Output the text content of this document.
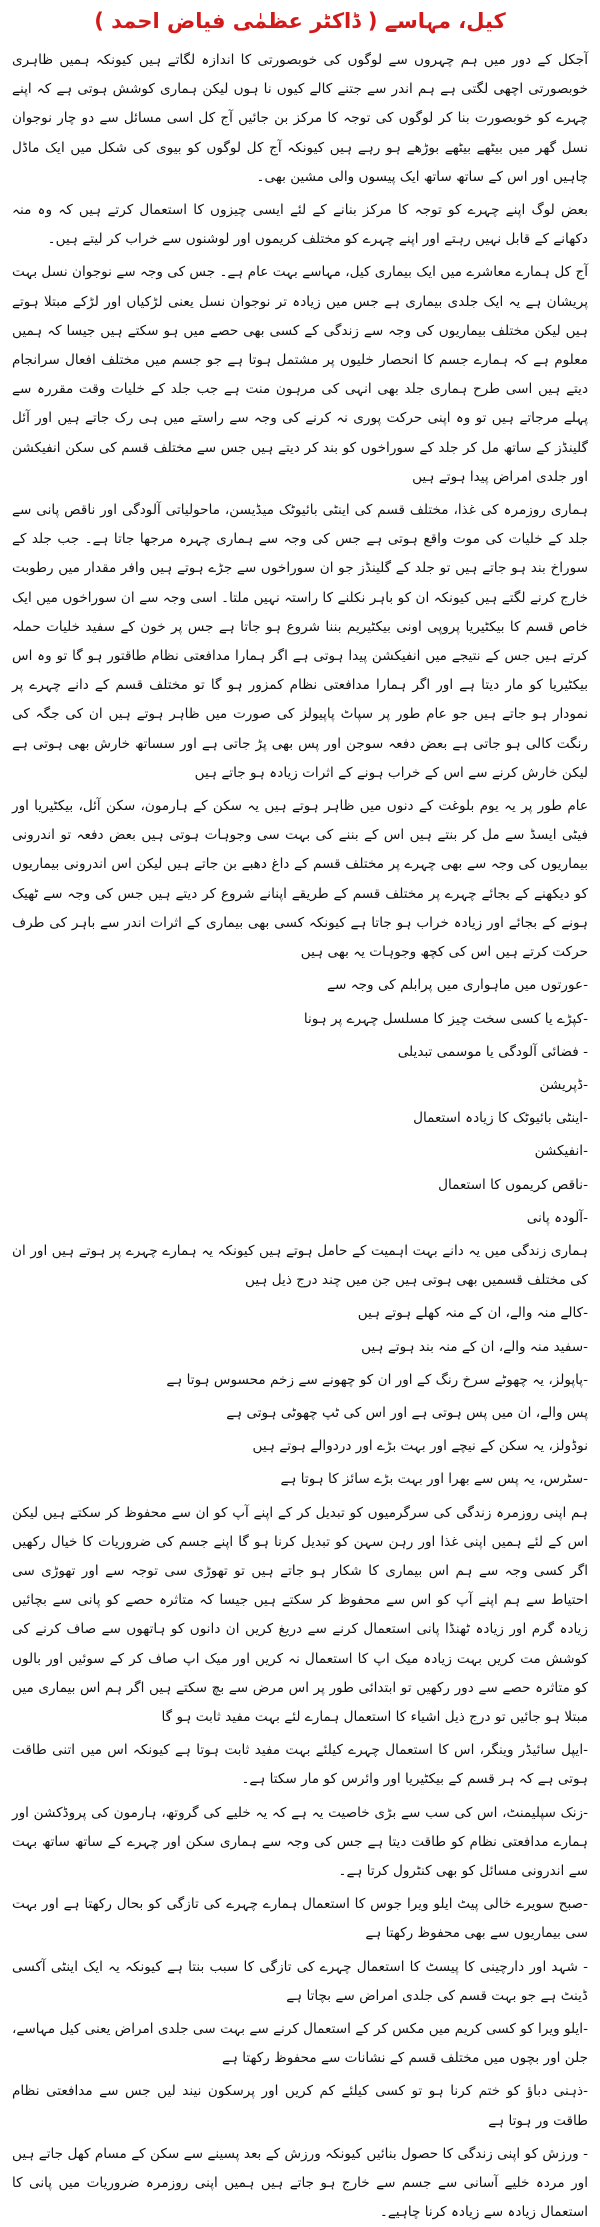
کیل، مہاسے ( ڈاکٹر عظمٰی فیاض احمد )

آجکل کے دور میں ہم چہروں سے لوگوں کی خوبصورتی کا اندازہ لگاتے ہیں کیونکہ ہمیں ظاہری خوبصورتی اچھی لگتی ہے ہم اندر سے جتنے کالے کیوں نا ہوں لیکن ہماری کوشش ہوتی ہے کہ اپنے چہرے کو خوبصورت بنا کر لوگوں کی توجہ کا مرکز بن جائیں آج کل اسی مسائل سے دو چار نوجوان نسل گھر میں بیٹھے بیٹھے بوڑھے ہو رہے ہیں کیونکہ آج کل لوگوں کو بیوی کی شکل میں ایک ماڈل چاہیں اور اس کے ساتھ ساتھ ایک پیسوں والی مشین بھی۔

بعض لوگ اپنے چہرے کو توجہ کا مرکز بنانے کے لئے ایسی چیزوں کا استعمال کرتے ہیں کہ وہ منہ دکھانے کے قابل نہیں رہتے اور اپنے چہرے کو مختلف کریموں اور لوشنوں سے خراب کر لیتے ہیں۔

آج کل ہمارے معاشرے میں ایک بیماری کیل، مہاسے بہت عام ہے۔ جس کی وجہ سے نوجوان نسل بہت پریشان ہے یہ ایک جلدی بیماری ہے جس میں زیادہ تر نوجوان نسل یعنی لڑکیاں اور لڑکے مبتلا ہوتے ہیں لیکن مختلف بیماریوں کی وجہ سے زندگی کے کسی بھی حصے میں ہو سکتے ہیں جیسا کہ ہمیں معلوم ہے کہ ہمارے جسم کا انحصار خلیوں پر مشتمل ہوتا ہے جو جسم میں مختلف افعال سرانجام دیتے ہیں اسی طرح ہماری جلد بھی انہی کی مرہون منت ہے جب جلد کے خلیات وقت مقررہ سے پہلے مرجاتے ہیں تو وہ اپنی حرکت پوری نہ کرنے کی وجہ سے راستے میں ہی رک جاتے ہیں اور آئل گلینڈز کے ساتھ مل کر جلد کے سوراخوں کو بند کر دیتے ہیں جس سے مختلف قسم کی سکن انفیکشن اور جلدی امراض پیدا ہوتے ہیں

ہماری روزمرہ کی غذا، مختلف قسم کی اینٹی بائیوٹک میڈیسن، ماحولیاتی آلودگی اور ناقص پانی سے جلد کے خلیات کی موت واقع ہوتی ہے جس کی وجہ سے ہماری چہرہ مرجھا جاتا ہے۔ جب جلد کے سوراخ بند ہو جاتے ہیں تو جلد کے گلینڈز جو ان سوراخوں سے جڑے ہوتے ہیں وافر مقدار میں رطوبت خارج کرنے لگتے ہیں کیونکہ ان کو باہر نکلنے کا راستہ نہیں ملتا۔ اسی وجہ سے ان سوراخوں میں ایک خاص قسم کا بیکٹیریا پروپی اونی بیکٹیریم بننا شروع ہو جاتا ہے جس پر خون کے سفید خلیات حملہ کرتے ہیں جس کے نتیجے میں انفیکشن پیدا ہوتی ہے اگر ہمارا مدافعتی نظام طاقتور ہو گا تو وہ اس بیکٹیریا کو مار دیتا ہے اور اگر ہمارا مدافعتی نظام کمزور ہو گا تو مختلف قسم کے دانے چہرے پر نمودار ہو جاتے ہیں جو عام طور پر سپاٹ پاپیولز کی صورت میں ظاہر ہوتے ہیں ان کی جگہ کی رنگت کالی ہو جاتی ہے بعض دفعہ سوجن اور پس بھی پڑ جاتی ہے اور سساتھ خارش بھی ہوتی ہے لیکن خارش کرنے سے اس کے خراب ہونے کے اثرات زیادہ ہو جاتے ہیں

عام طور پر یہ یوم بلوغت کے دنوں میں ظاہر ہوتے ہیں یہ سکن کے ہارمون، سکن آئل، بیکٹیریا اور فیٹی ایسڈ سے مل کر بنتے ہیں اس کے بننے کی بہت سی وجوہات ہوتی ہیں بعض دفعہ تو اندرونی بیماریوں کی وجہ سے بھی چہرے پر مختلف قسم کے داغ دھبے بن جاتے ہیں لیکن اس اندرونی بیماریوں کو دیکھنے کے بجائے چہرے پر مختلف قسم کے طریقے اپنانے شروع کر دیتے ہیں جس کی وجہ سے ٹھیک ہونے کے بجائے اور زیادہ خراب ہو جاتا ہے کیونکہ کسی بھی بیماری کے اثرات اندر سے باہر کی طرف حرکت کرتے ہیں اس کی کچھ وجوہات یہ بھی ہیں

-عورتوں میں ماہواری میں پرابلم کی وجہ سے
-کپڑے یا کسی سخت چیز کا مسلسل چہرے پر ہونا
- فضائی آلودگی یا موسمی تبدیلی
-ڈپریشن
-اینٹی بائیوٹک کا زیادہ استعمال
-انفیکشن
-ناقص کریموں کا استعمال
-آلودہ پانی

ہماری زندگی میں یہ دانے بہت اہمیت کے حامل ہوتے ہیں کیونکہ یہ ہمارے چہرے پر ہوتے ہیں اور ان کی مختلف قسمیں بھی ہوتی ہیں جن میں چند درج ذیل ہیں

-کالے منہ والے، ان کے منہ کھلے ہوتے ہیں
-سفید منہ والے، ان کے منہ بند ہوتے ہیں
-پاپولز، یہ چھوٹے سرخ رنگ کے اور ان کو چھونے سے زخم محسوس ہوتا ہے
پس والے، ان میں پس ہوتی ہے اور اس کی ٹپ چھوٹی ہوتی ہے
نوڈولز، یہ سکن کے نیچے اور بہت بڑے اور دردوالے ہوتے ہیں
-سٹرس، یہ پس سے بھرا اور بہت بڑے سائز کا ہوتا ہے

ہم اپنی روزمرہ زندگی کی سرگرمیوں کو تبدیل کر کے اپنے آپ کو ان سے محفوظ کر سکتے ہیں لیکن اس کے لئے ہمیں اپنی غذا اور رہن سہن کو تبدیل کرنا ہو گا اپنے جسم کی ضروریات کا خیال رکھیں اگر کسی وجہ سے ہم اس بیماری کا شکار ہو جاتے ہیں تو تھوڑی سی توجہ سے اور تھوڑی سی احتیاط سے ہم اپنے آپ کو اس سے محفوظ کر سکتے ہیں جیسا کہ متاثرہ حصے کو پانی سے بچائیں زیادہ گرم اور زیادہ ٹھنڈا پانی استعمال کرنے سے دریغ کریں ان دانوں کو ہاتھوں سے صاف کرنے کی کوشش مت کریں بہت زیادہ میک اپ کا استعمال نہ کریں اور میک اپ صاف کر کے سوئیں اور بالوں کو متاثرہ حصے سے دور رکھیں تو ابتدائی طور پر اس مرض سے بچ سکتے ہیں اگر ہم اس بیماری میں مبتلا ہو جائیں تو درج ذیل اشیاء کا استعمال ہمارے لئے بہت مفید ثابت ہو گا

-ایپل سائیڈر وینگر، اس کا استعمال چہرے کیلئے بہت مفید ثابت ہوتا ہے کیونکہ اس میں اتنی طاقت ہوتی ہے کہ ہر قسم کے بیکٹیریا اور وائرس کو مار سکتا ہے۔
-زنک سپلیمنٹ، اس کی سب سے بڑی خاصیت یہ ہے کہ یہ خلیے کی گروتھ، ہارمون کی پروڈکشن اور ہمارے مدافعتی نظام کو طاقت دیتا ہے جس کی وجہ سے ہماری سکن اور چہرے کے ساتھ ساتھ بہت سے اندرونی مسائل کو بھی کنٹرول کرتا ہے۔
-صبح سویرے خالی پیٹ ایلو ویرا جوس کا استعمال ہمارے چہرے کی تازگی کو بحال رکھتا ہے اور بہت سی بیماریوں سے بھی محفوظ رکھتا ہے
- شہد اور دارچینی کا پیسٹ کا استعمال چہرے کی تازگی کا سبب بنتا ہے کیونکہ یہ ایک اینٹی آکسی ڈینٹ ہے جو بہت قسم کی جلدی امراض سے بچاتا ہے
-ایلو ویرا کو کسی کریم میں مکس کر کے استعمال کرنے سے بہت سی جلدی امراض یعنی کیل مہاسے، جلن اور بچوں میں مختلف قسم کے نشانات سے محفوظ رکھتا ہے
-ذہنی دباؤ کو ختم کرنا ہو تو کسی کیلئے کم کریں اور پرسکون نیند لیں جس سے مدافعتی نظام طاقت ور ہوتا ہے
- ورزش کو اپنی زندگی کا حصول بنائیں کیونکہ ورزش کے بعد پسینے سے سکن کے مسام کھل جاتے ہیں اور مردہ خلیے آسانی سے جسم سے خارج ہو جاتے ہیں ہمیں اپنی روزمرہ ضروریات میں پانی کا استعمال زیادہ سے زیادہ کرنا چاہیے۔
